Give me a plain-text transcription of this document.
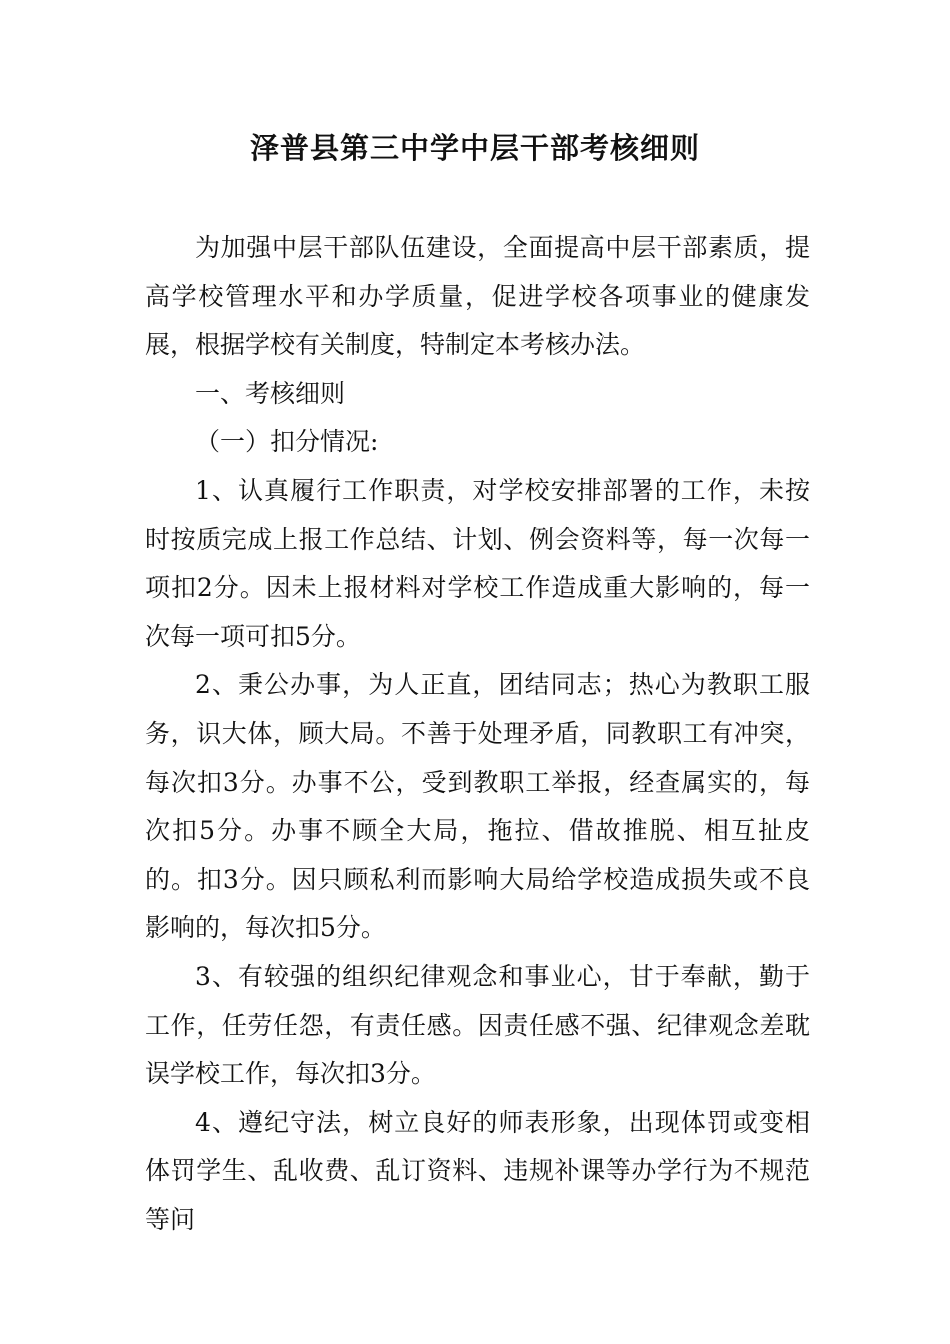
泽普县第三中学中层干部考核细则

为加强中层干部队伍建设，全面提高中层干部素质，提高学校管理水平和办学质量，促进学校各项事业的健康发展，根据学校有关制度，特制定本考核办法。

一、考核细则

（一）扣分情况:

1、认真履行工作职责，对学校安排部署的工作，未按时按质完成上报工作总结、计划、例会资料等，每一次每一项扣2分。因未上报材料对学校工作造成重大影响的，每一次每一项可扣5分。

2、秉公办事，为人正直，团结同志；热心为教职工服务，识大体，顾大局。不善于处理矛盾，同教职工有冲突，每次扣3分。办事不公，受到教职工举报，经查属实的，每次扣5分。办事不顾全大局，拖拉、借故推脱、相互扯皮的。扣3分。因只顾私利而影响大局给学校造成损失或不良影响的，每次扣5分。

3、有较强的组织纪律观念和事业心，甘于奉献，勤于工作，任劳任怨，有责任感。因责任感不强、纪律观念差耽误学校工作，每次扣3分。

4、遵纪守法，树立良好的师表形象，出现体罚或变相体罚学生、乱收费、乱订资料、违规补课等办学行为不规范等问
